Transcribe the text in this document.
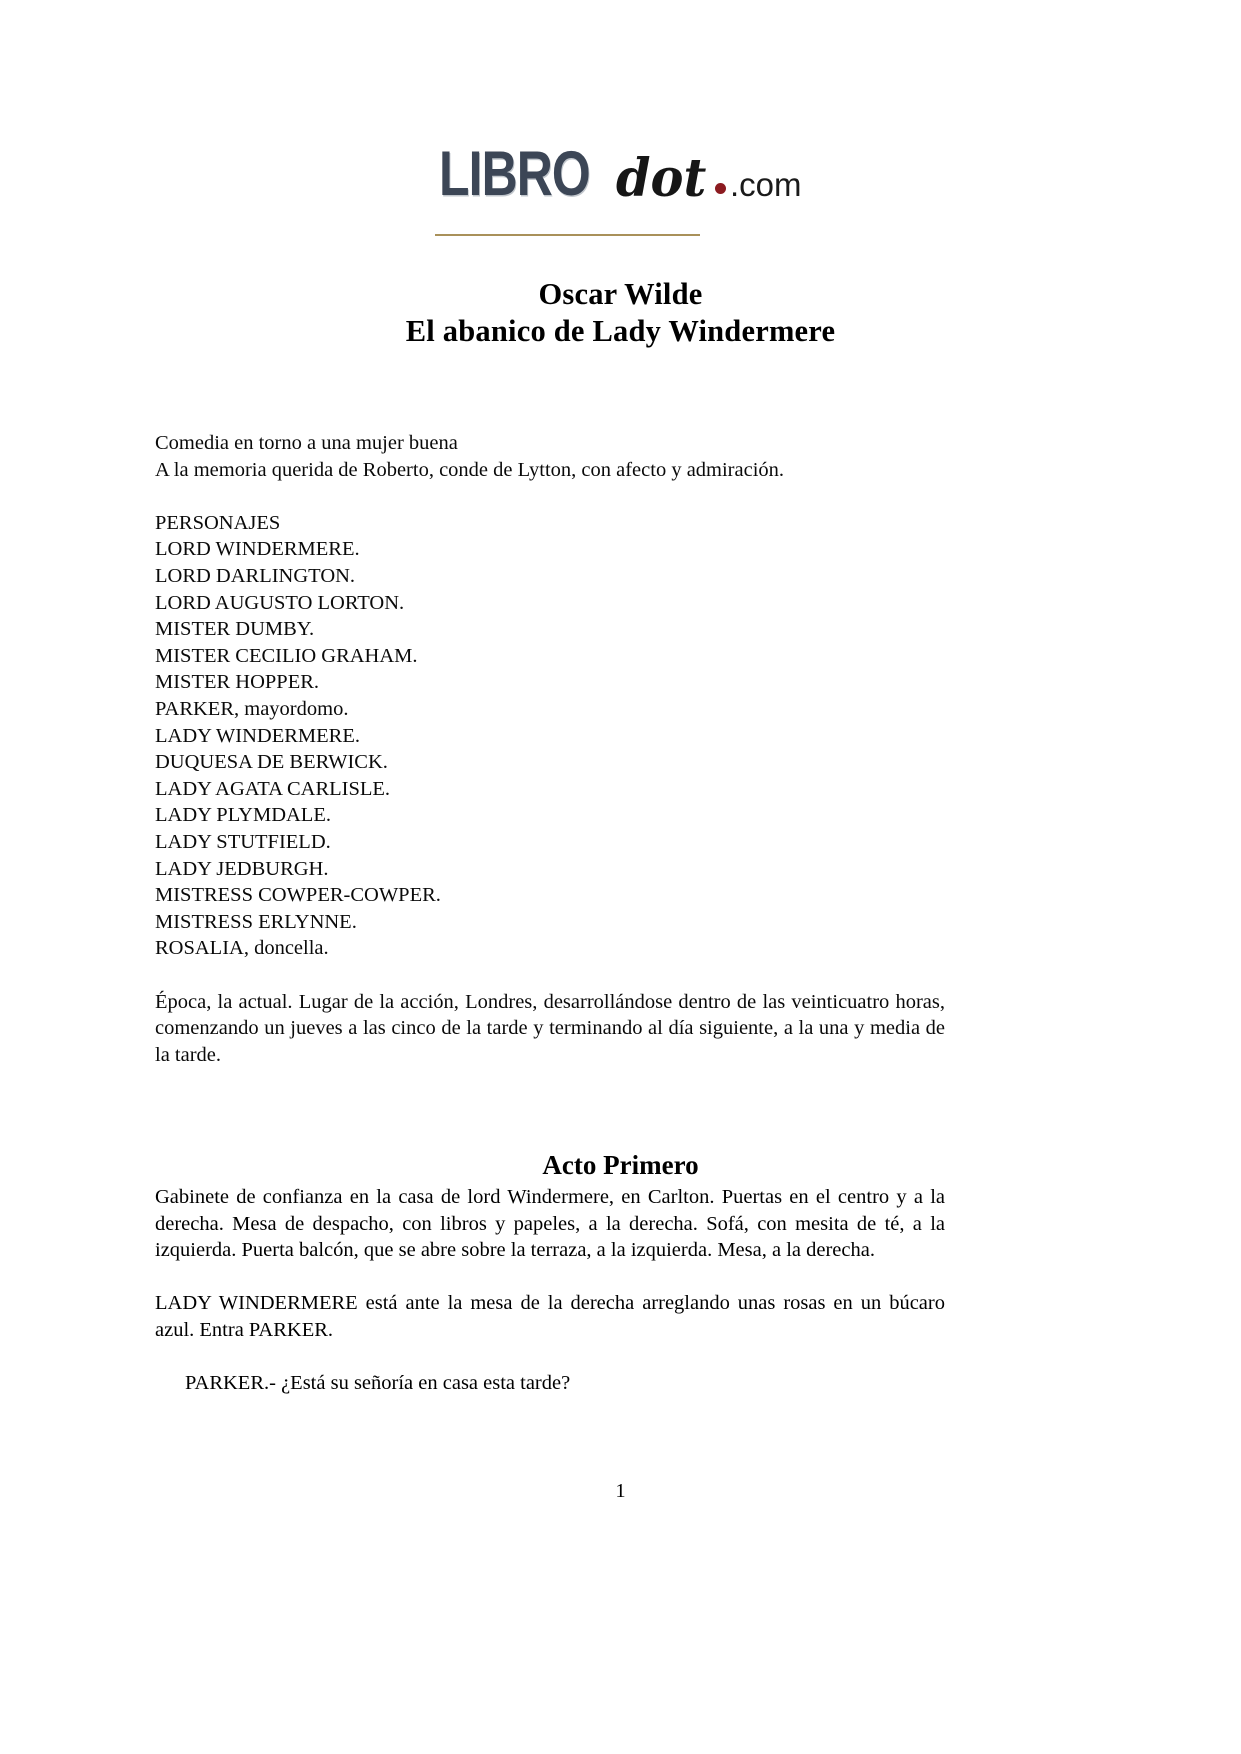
LIBRO dot .com
Oscar Wilde
El abanico de Lady Windermere

Comedia en torno a una mujer buena

A la memoria querida de Roberto, conde de Lytton, con afecto y admiración.

PERSONAJES

LORD WINDERMERE.
LORD DARLINGTON.
LORD AUGUSTO LORTON.
MISTER DUMBY.
MISTER CECILIO GRAHAM.
MISTER HOPPER.
PARKER, mayordomo.
LADY WINDERMERE.
DUQUESA DE BERWICK.
LADY AGATA CARLISLE.
LADY PLYMDALE.
LADY STUTFIELD.
LADY JEDBURGH.
MISTRESS COWPER-COWPER.
MISTRESS ERLYNNE.
ROSALIA, doncella.

Época, la actual. Lugar de la acción, Londres, desarrollándose dentro de las veinticuatro horas, comenzando un jueves a las cinco de la tarde y terminando al día siguiente, a la una y media de la tarde.

Acto Primero

Gabinete de confianza en la casa de lord Windermere, en Carlton. Puertas en el centro y a la derecha. Mesa de despacho, con libros y papeles, a la derecha. Sofá, con mesita de té, a la izquierda. Puerta balcón, que se abre sobre la terraza, a la izquierda. Mesa, a la derecha.

LADY WINDERMERE está ante la mesa de la derecha arreglando unas rosas en un búcaro azul. Entra PARKER.

PARKER.- ¿Está su señoría en casa esta tarde?

1
